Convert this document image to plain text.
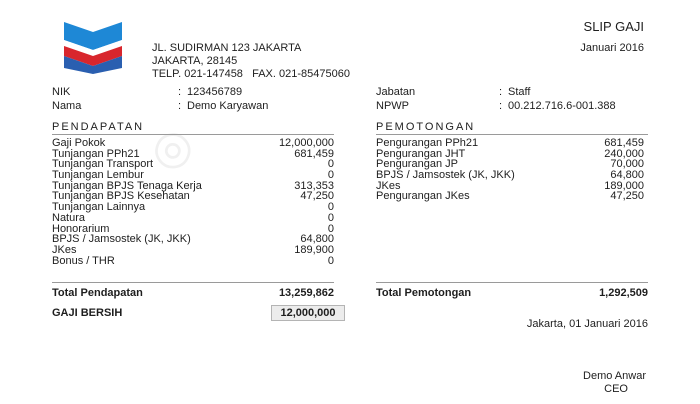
◎
SLIP GAJI
Januari 2016
JL. SUDIRMAN 123 JAKARTA
JAKARTA, 28145
TELP. 021-147458   FAX. 021-85475060
NIK	: 123456789
Nama	: Demo Karyawan
Jabatan	: Staff
NPWP	: 00.212.716.6-001.388
PENDAPATAN	PEMOTONGAN
Gaji Pokok	12,000,000
Tunjangan PPh21	681,459
Tunjangan Transport	0
Tunjangan Lembur	0
Tunjangan BPJS Tenaga Kerja	313,353
Tunjangan BPJS Kesehatan	47,250
Tunjangan Lainnya	0
Natura	0
Honorarium	0
BPJS / Jamsostek (JK, JKK)	64,800
JKes	189,900
Bonus / THR	0
Pengurangan PPh21	681,459
Pengurangan JHT	240,000
Pengurangan JP	70,000
BPJS / Jamsostek (JK, JKK)	64,800
JKes	189,000
Pengurangan JKes	47,250
Total Pendapatan	13,259,862	Total Pemotongan	1,292,509
GAJI BERSIH	12,000,000
Jakarta, 01 Januari 2016
Demo Anwar
CEO
